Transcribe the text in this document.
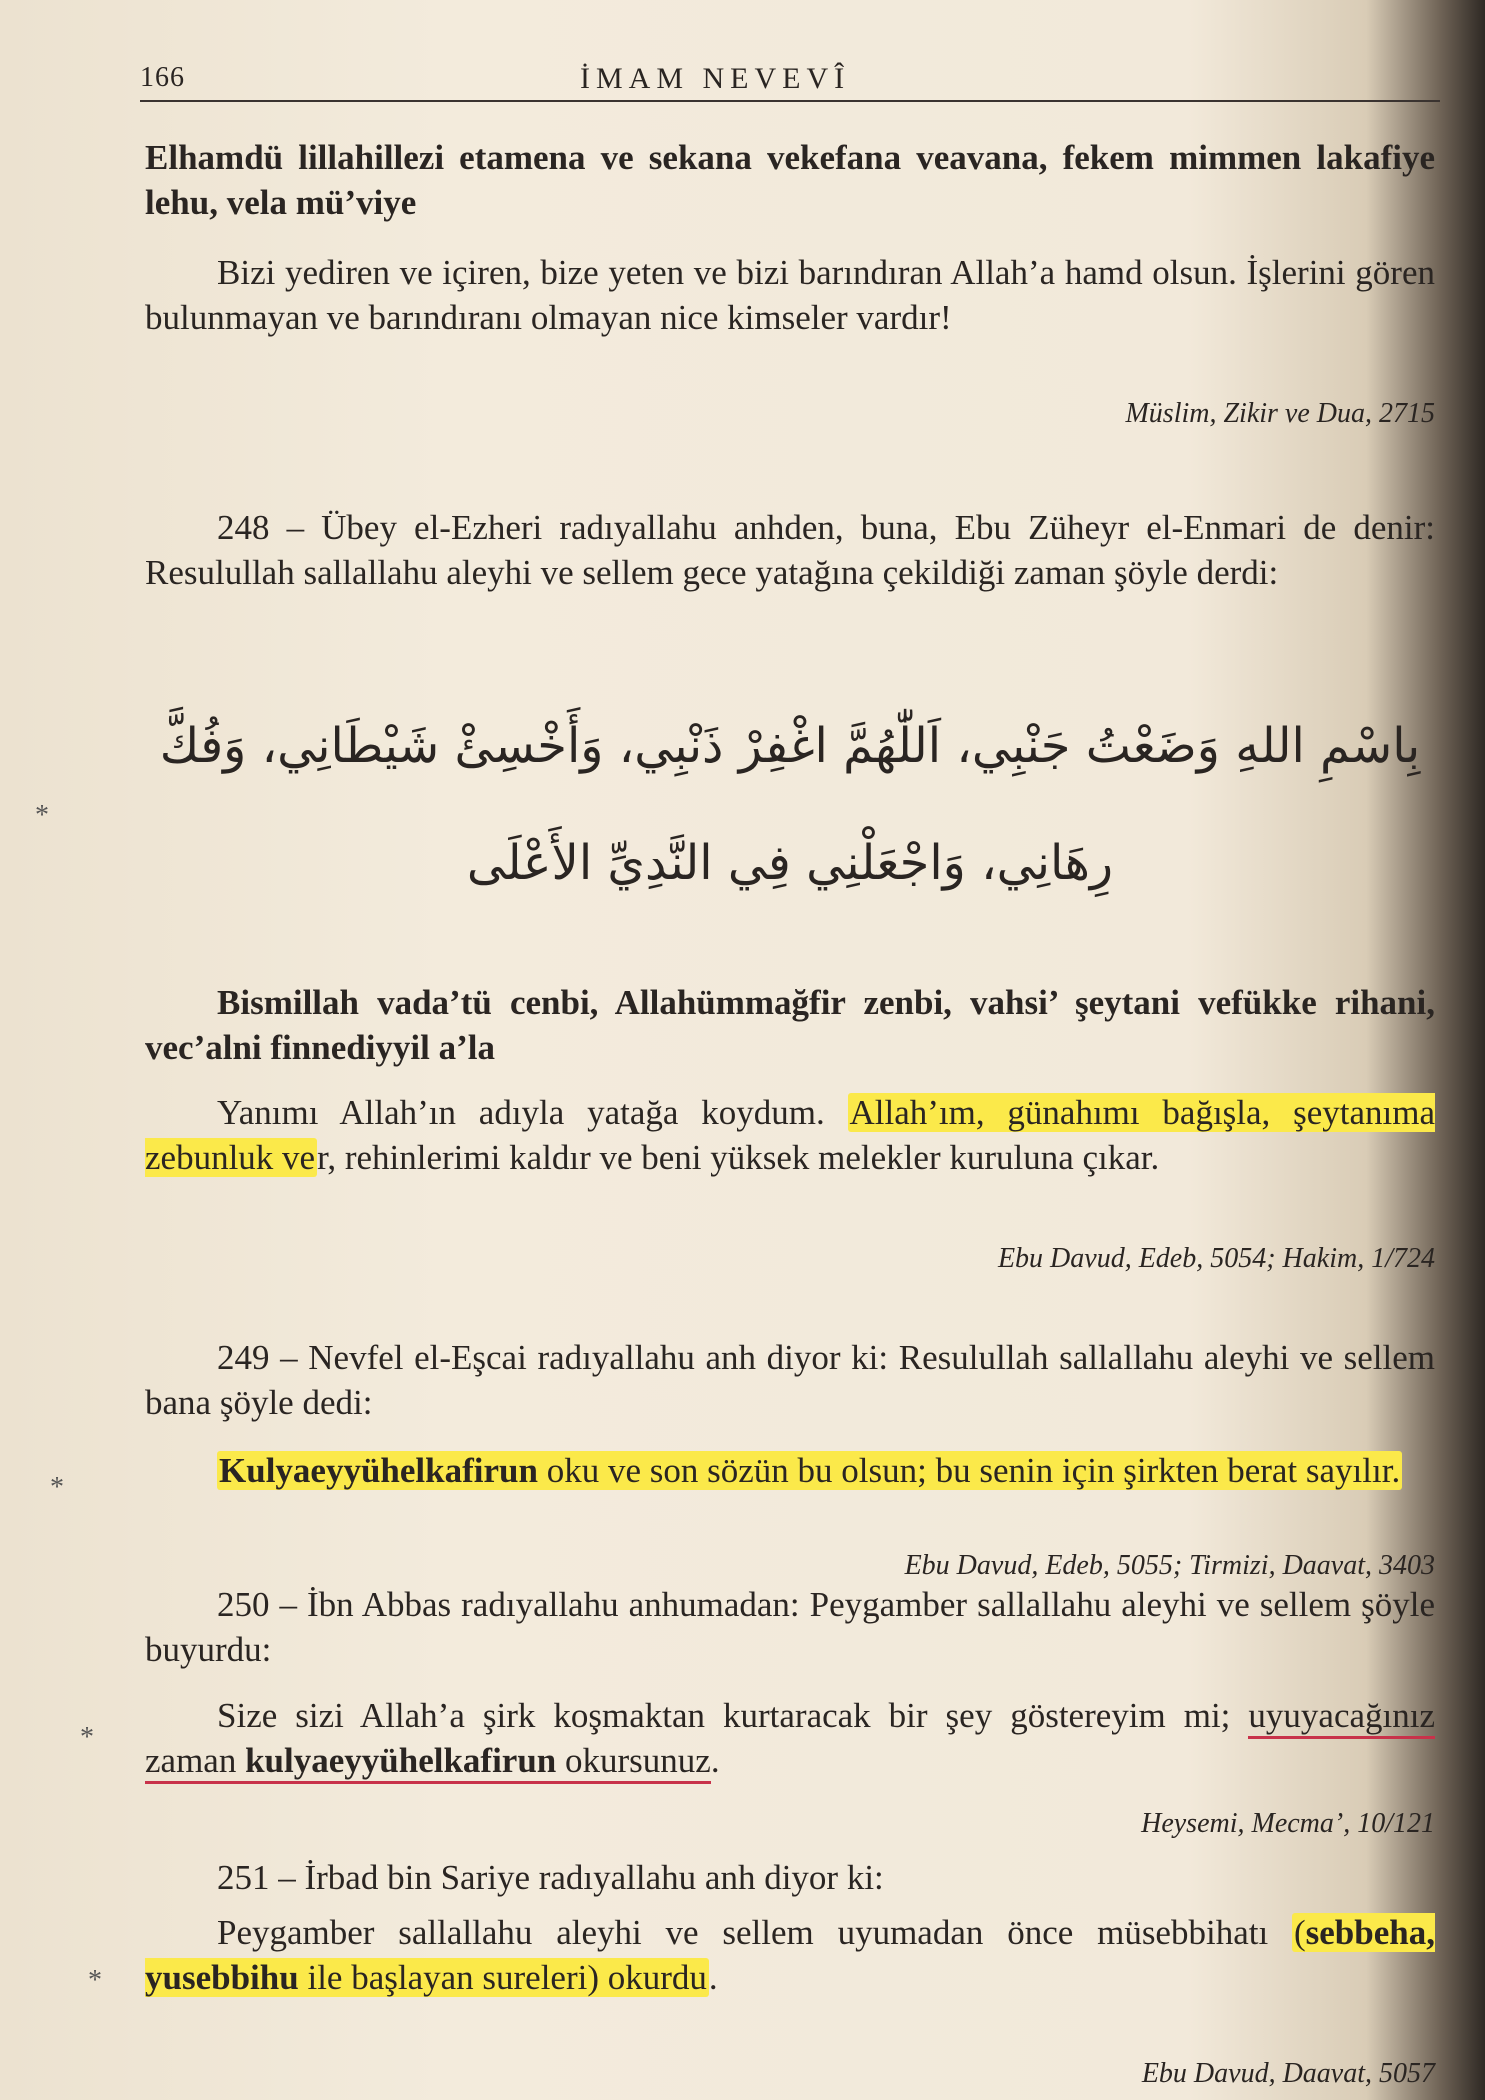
166	İMAM NEVEVÎ
Elhamdü lillahillezi etamena ve sekana vekefana veavana, fekem mimmen lakafiye lehu, vela mü’viye
Bizi yediren ve içiren, bize yeten ve bizi barındıran Allah’a hamd olsun. İşlerini gören bulunmayan ve barındıranı olmayan nice kimseler vardır!
Müslim, Zikir ve Dua, 2715
248 – Übey el-Ezheri radıyallahu anhden, buna, Ebu Züheyr el-Enmari de denir: Resulullah sallallahu aleyhi ve sellem gece yatağına çekildiği zaman şöyle derdi:
بِاسْمِ اللهِ وَضَعْتُ جَنْبِي، اَللّٰهُمَّ اغْفِرْ ذَنْبِي، وَأَخْسِئْ شَيْطَانِي، وَفُكَّ
رِهَانِي، وَاجْعَلْنِي فِي النَّدِيِّ الأَعْلَى
Bismillah vada’tü cenbi, Allahümmağfir zenbi, vahsi’ şeytani vefükke rihani, vec’alni finnediyyil a’la
Yanımı Allah’ın adıyla yatağa koydum. Allah’ım, günahımı bağışla, şeytanıma zebunluk ver, rehinlerimi kaldır ve beni yüksek melekler kuruluna çıkar.
Ebu Davud, Edeb, 5054; Hakim, 1/724
249 – Nevfel el-Eşcai radıyallahu anh diyor ki: Resulullah sallallahu aleyhi ve sellem bana şöyle dedi:
Kulyaeyyühelkafirun oku ve son sözün bu olsun; bu senin için şirkten berat sayılır.
Ebu Davud, Edeb, 5055; Tirmizi, Daavat, 3403
250 – İbn Abbas radıyallahu anhumadan: Peygamber sallallahu aleyhi ve sellem şöyle buyurdu:
Size sizi Allah’a şirk koşmaktan kurtaracak bir şey göstereyim mi; uyuyacağınız zaman kulyaeyyühelkafirun okursunuz.
Heysemi, Mecma’, 10/121
251 – İrbad bin Sariye radıyallahu anh diyor ki:
Peygamber sallallahu aleyhi ve sellem uyumadan önce müsebbihatı (sebbeha, yusebbihu ile başlayan sureleri) okurdu.
Ebu Davud, Daavat, 5057
*
*
*
*
